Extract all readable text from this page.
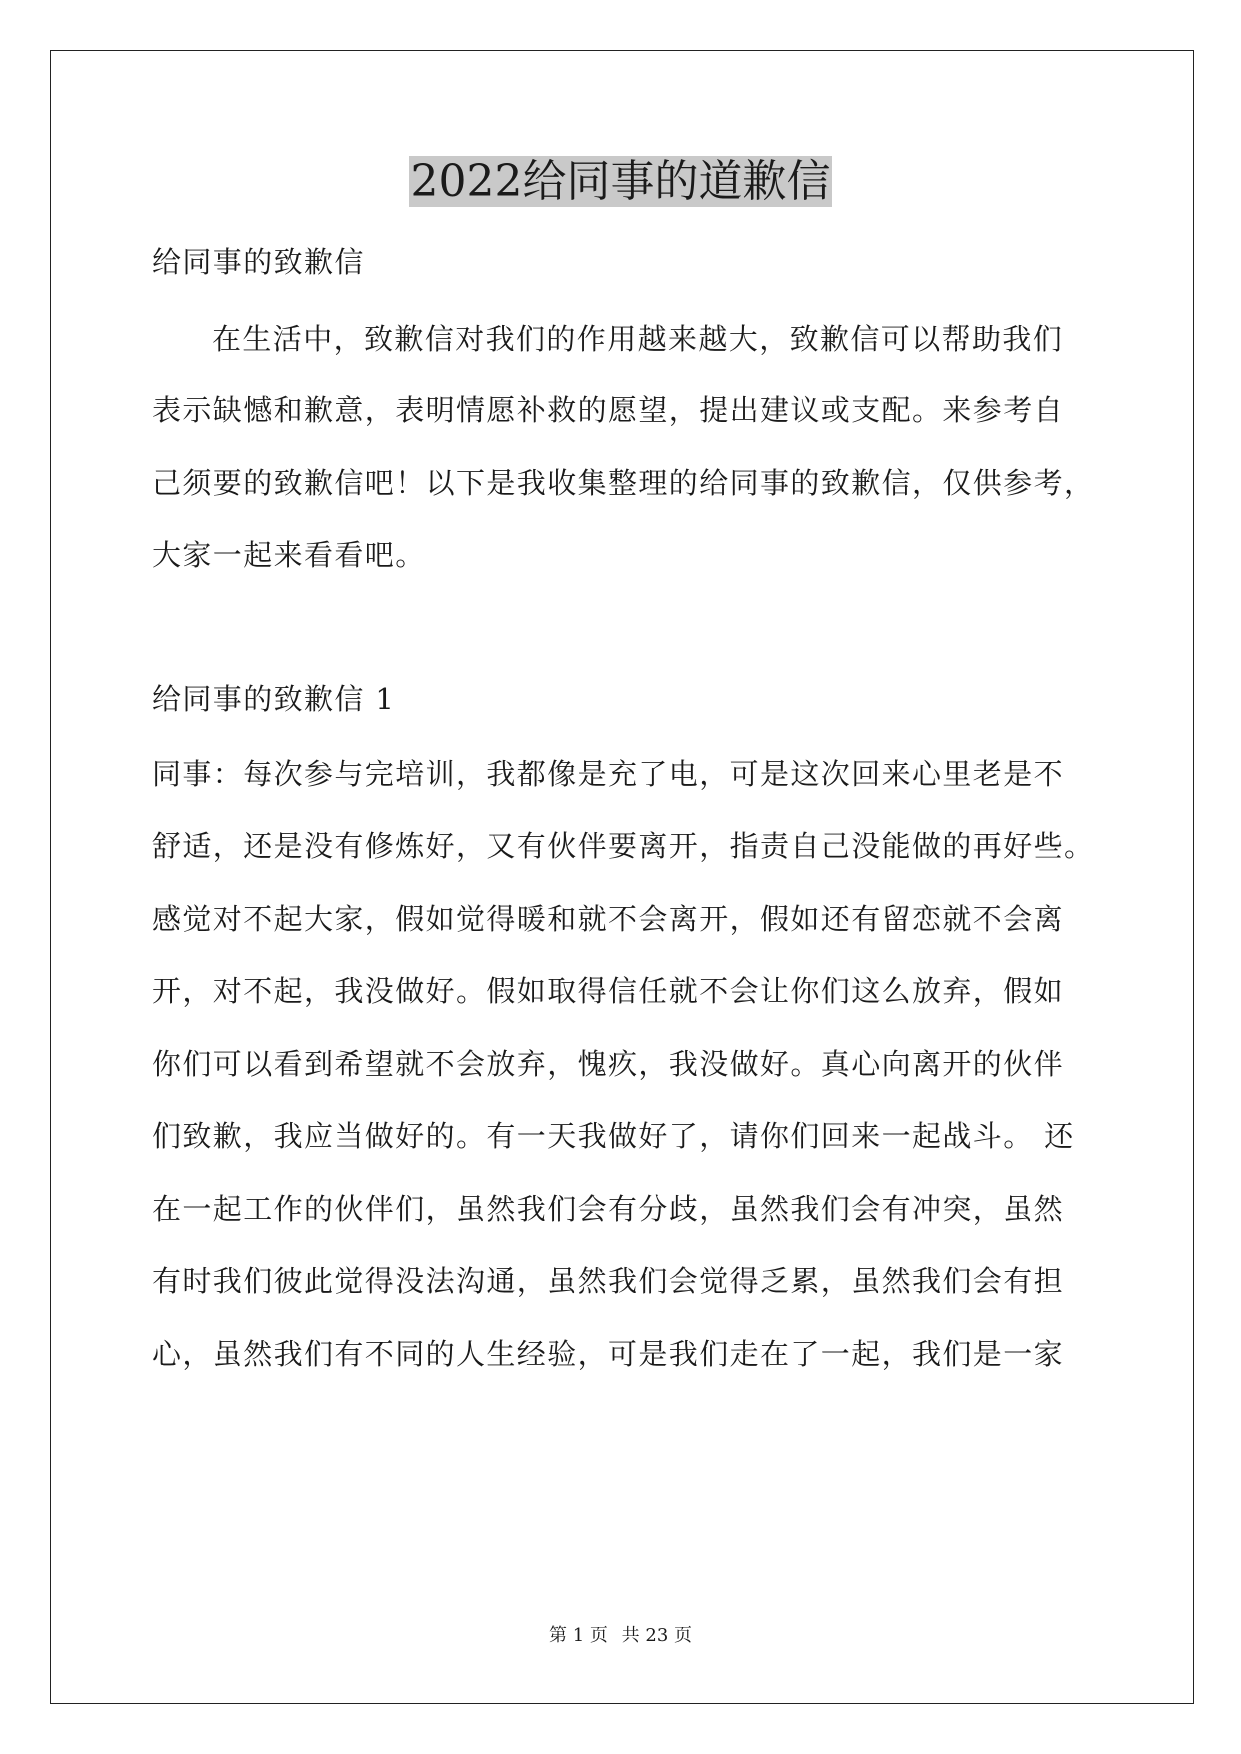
2022给同事的道歉信

给同事的致歉信

在生活中，致歉信对我们的作用越来越大，致歉信可以帮助我们

表示缺憾和歉意，表明情愿补救的愿望，提出建议或支配。来参考自

己须要的致歉信吧！以下是我收集整理的给同事的致歉信，仅供参考，

大家一起来看看吧。

给同事的致歉信 1

同事：每次参与完培训，我都像是充了电，可是这次回来心里老是不

舒适，还是没有修炼好，又有伙伴要离开，指责自己没能做的再好些。

感觉对不起大家，假如觉得暖和就不会离开，假如还有留恋就不会离

开，对不起，我没做好。假如取得信任就不会让你们这么放弃，假如

你们可以看到希望就不会放弃，愧疚，我没做好。真心向离开的伙伴

们致歉，我应当做好的。有一天我做好了，请你们回来一起战斗。 还

在一起工作的伙伴们，虽然我们会有分歧，虽然我们会有冲突，虽然

有时我们彼此觉得没法沟通，虽然我们会觉得乏累，虽然我们会有担

心，虽然我们有不同的人生经验，可是我们走在了一起，我们是一家

第 1 页 共 23 页
